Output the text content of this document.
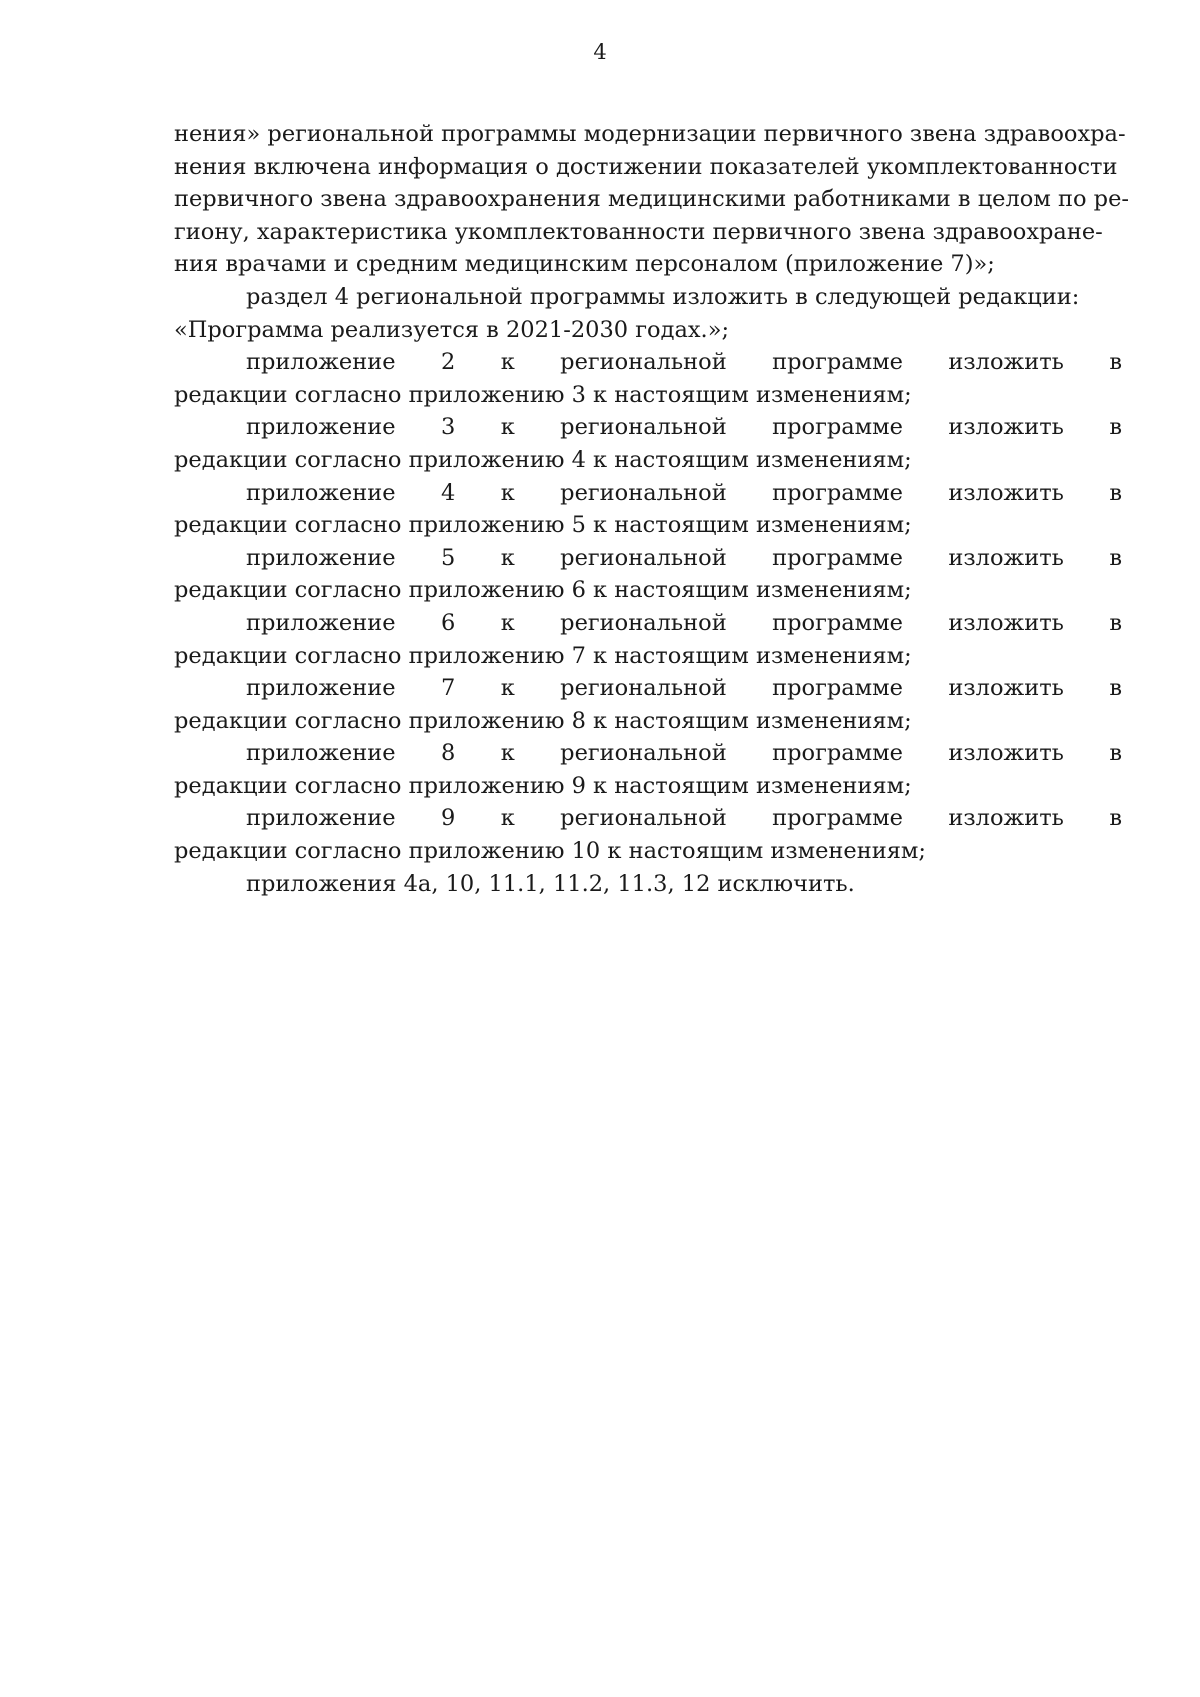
4
нения» региональной программы модернизации первичного звена здравоохра-
нения включена информация о достижении показателей укомплектованности
первичного звена здравоохранения медицинскими работниками в целом по ре-
гиону, характеристика укомплектованности первичного звена здравоохране-
ния врачами и средним медицинским персоналом (приложение 7)»;
раздел 4 региональной программы изложить в следующей редакции:
«Программа реализуется в 2021-2030 годах.»;
приложение 2 к региональной программе изложить в
редакции согласно приложению 3 к настоящим изменениям;
приложение 3 к региональной программе изложить в
редакции согласно приложению 4 к настоящим изменениям;
приложение 4 к региональной программе изложить в
редакции согласно приложению 5 к настоящим изменениям;
приложение 5 к региональной программе изложить в
редакции согласно приложению 6 к настоящим изменениям;
приложение 6 к региональной программе изложить в
редакции согласно приложению 7 к настоящим изменениям;
приложение 7 к региональной программе изложить в
редакции согласно приложению 8 к настоящим изменениям;
приложение 8 к региональной программе изложить в
редакции согласно приложению 9 к настоящим изменениям;
приложение 9 к региональной программе изложить в
редакции согласно приложению 10 к настоящим изменениям;
приложения 4а, 10, 11.1, 11.2, 11.3, 12 исключить.
